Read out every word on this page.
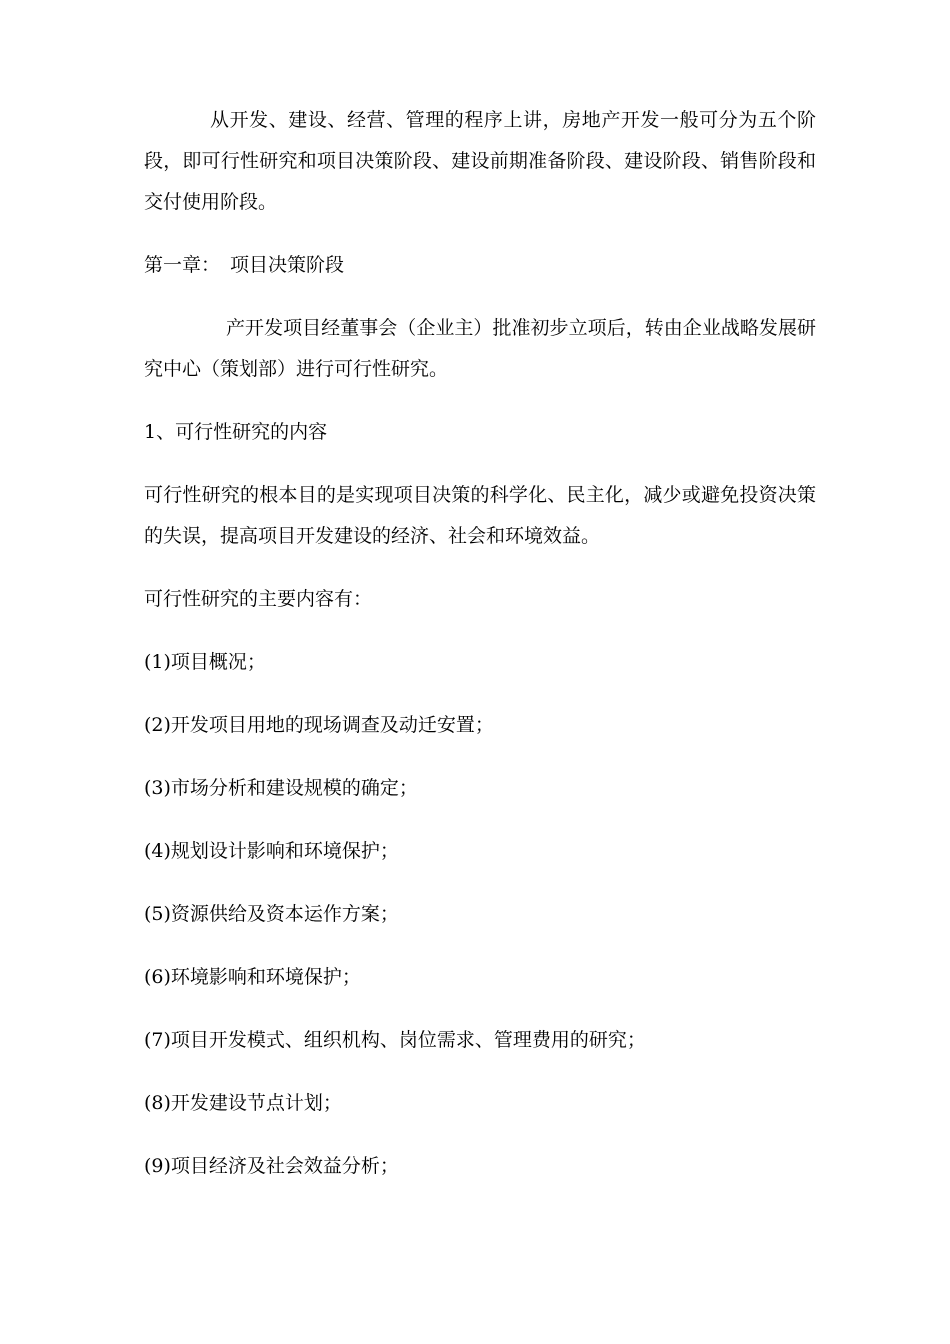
从开发、建设、经营、管理的程序上讲，房地产开发一般可分为五个阶段，即可行性研究和项目决策阶段、建设前期准备阶段、建设阶段、销售阶段和交付使用阶段。

第一章： 项目决策阶段

产开发项目经董事会（企业主）批准初步立项后，转由企业战略发展研究中心（策划部）进行可行性研究。

1、可行性研究的内容

可行性研究的根本目的是实现项目决策的科学化、民主化，减少或避免投资决策的失误，提高项目开发建设的经济、社会和环境效益。

可行性研究的主要内容有：

(1)项目概况；

(2)开发项目用地的现场调查及动迁安置；

(3)市场分析和建设规模的确定；

(4)规划设计影响和环境保护；

(5)资源供给及资本运作方案；

(6)环境影响和环境保护；

(7)项目开发模式、组织机构、岗位需求、管理费用的研究；

(8)开发建设节点计划；

(9)项目经济及社会效益分析；
